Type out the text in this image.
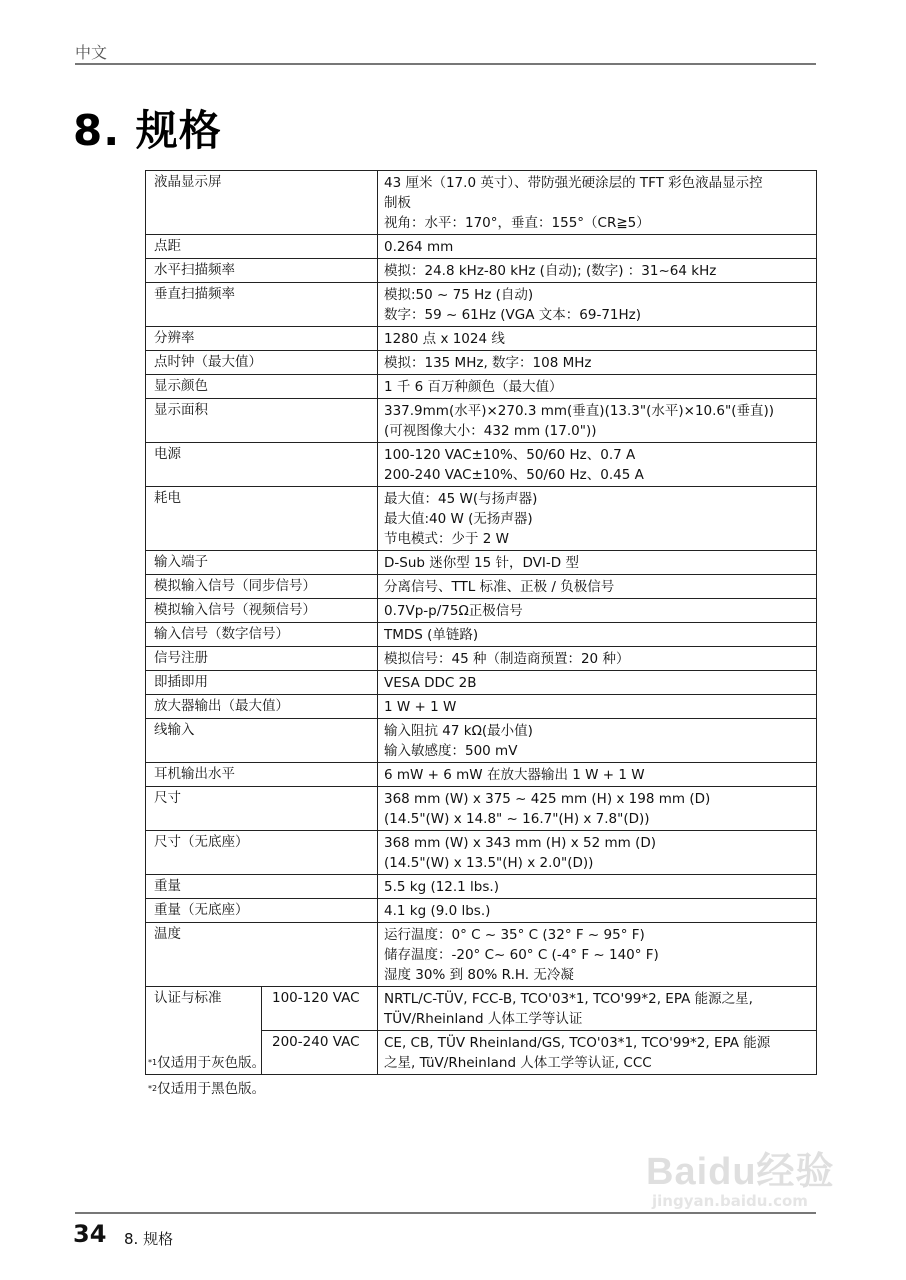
中文
8. 规格
液晶显示屏		43 厘米（17.0 英寸）、带防强光硬涂层的 TFT 彩色液晶显示控
制板
视角：水平：170°，垂直：155°（CR≧5）

点距		0.264 mm

水平扫描频率		模拟：24.8 kHz-80 kHz (自动); (数字) ：31~64 kHz

垂直扫描频率		模拟:50 ~ 75 Hz (自动)
数字：59 ~ 61Hz (VGA 文本：69-71Hz)

分辨率		1280 点 x 1024 线

点时钟（最大值）		模拟：135 MHz, 数字：108 MHz

显示颜色		1 千 6 百万种颜色（最大值）

显示面积		337.9mm(水平)×270.3 mm(垂直)(13.3"(水平)×10.6"(垂直))
(可视图像大小：432 mm (17.0"))

电源		100-120 VAC±10%、50/60 Hz、0.7 A
200-240 VAC±10%、50/60 Hz、0.45 A

耗电		最大值：45 W(与扬声器)
最大值:40 W (无扬声器)
节电模式：少于 2 W

输入端子		D-Sub 迷你型 15 针，DVI-D 型

模拟输入信号（同步信号）		分离信号、TTL 标准、正极 / 负极信号

模拟输入信号（视频信号）		0.7Vp-p/75Ω正极信号

输入信号（数字信号）		TMDS (单链路)

信号注册		模拟信号：45 种（制造商预置：20 种）

即插即用		VESA DDC 2B

放大器输出（最大值）		1 W + 1 W

线输入		输入阻抗 47 kΩ(最小值)
输入敏感度：500 mV

耳机输出水平		6 mW + 6 mW 在放大器输出 1 W + 1 W

尺寸		368 mm (W) x 375 ~ 425 mm (H) x 198 mm (D)
(14.5"(W) x 14.8" ~ 16.7"(H) x 7.8"(D))

尺寸（无底座）		368 mm (W) x 343 mm (H) x 52 mm (D)
(14.5"(W) x 13.5"(H) x 2.0"(D))

重量		5.5 kg (12.1 lbs.)

重量（无底座）		4.1 kg (9.0 lbs.)

温度		运行温度：0° C ~ 35° C (32° F ~ 95° F)
储存温度：-20° C~ 60° C (-4° F ~ 140° F)
湿度 30% 到 80% R.H. 无冷凝

认证与标准	100-120 VAC	NRTL/C-TÜV, FCC-B, TCO'03*1, TCO'99*2, EPA 能源之星,
TÜV/Rheinland 人体工学等认证

	200-240 VAC	CE, CB, TÜV Rheinland/GS, TCO'03*1, TCO'99*2, EPA 能源
之星, TüV/Rheinland 人体工学等认证, CCC
$^{*1}$仅适用于灰色版。
$^{*2}$仅适用于黑色版。
Baidu经验
jingyan.baidu.com
34 8. 规格
